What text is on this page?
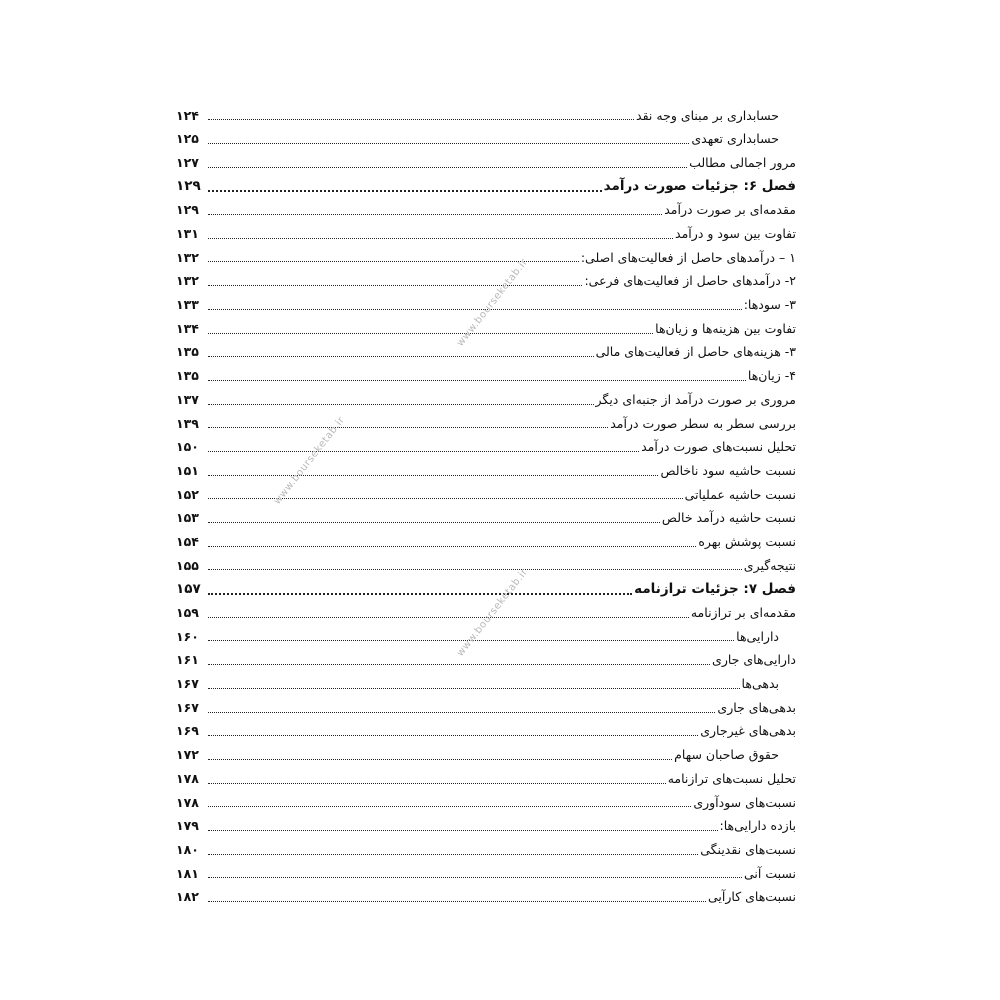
حسابداری بر مبنای وجه نقد
۱۲۴
حسابداری تعهدی
۱۲۵
مرور اجمالی مطالب
۱۲۷
فصل ۶: جزئیات صورت درآمد
۱۲۹
مقدمه‌ای بر صورت درآمد
۱۲۹
تفاوت بین سود و درآمد
۱۳۱
۱ – درآمدهای حاصل از فعالیت‌های اصلی:
۱۳۲
۲- درآمدهای حاصل از فعالیت‌های فرعی:
۱۳۲
۳- سودها:
۱۳۳
تفاوت بین هزینه‌ها و زیان‌ها
۱۳۴
۳- هزینه‌های حاصل از فعالیت‌های مالی
۱۳۵
۴- زیان‌ها
۱۳۵
مروری بر صورت درآمد از جنبه‌ای دیگر
۱۳۷
بررسی سطر به سطر صورت درآمد
۱۳۹
تحلیل نسبت‌های صورت درآمد
۱۵۰
نسبت حاشیه سود ناخالص
۱۵۱
نسبت حاشیه عملیاتی
۱۵۲
نسبت حاشیه درآمد خالص
۱۵۳
نسبت پوشش بهره
۱۵۴
نتیجه‌گیری
۱۵۵
فصل ۷: جزئیات ترازنامه
۱۵۷
مقدمه‌ای بر ترازنامه
۱۵۹
دارایی‌ها
۱۶۰
دارایی‌های جاری
۱۶۱
بدهی‌ها
۱۶۷
بدهی‌های جاری
۱۶۷
بدهی‌های غیرجاری
۱۶۹
حقوق صاحبان سهام
۱۷۲
تحلیل نسبت‌های ترازنامه
۱۷۸
نسبت‌های سودآوری
۱۷۸
بازده دارایی‌ها:
۱۷۹
نسبت‌های نقدینگی
۱۸۰
نسبت آنی
۱۸۱
نسبت‌های کارآیی
۱۸۲
www.bourseketab.ir
www.bourseketab.ir
www.bourseketab.ir
